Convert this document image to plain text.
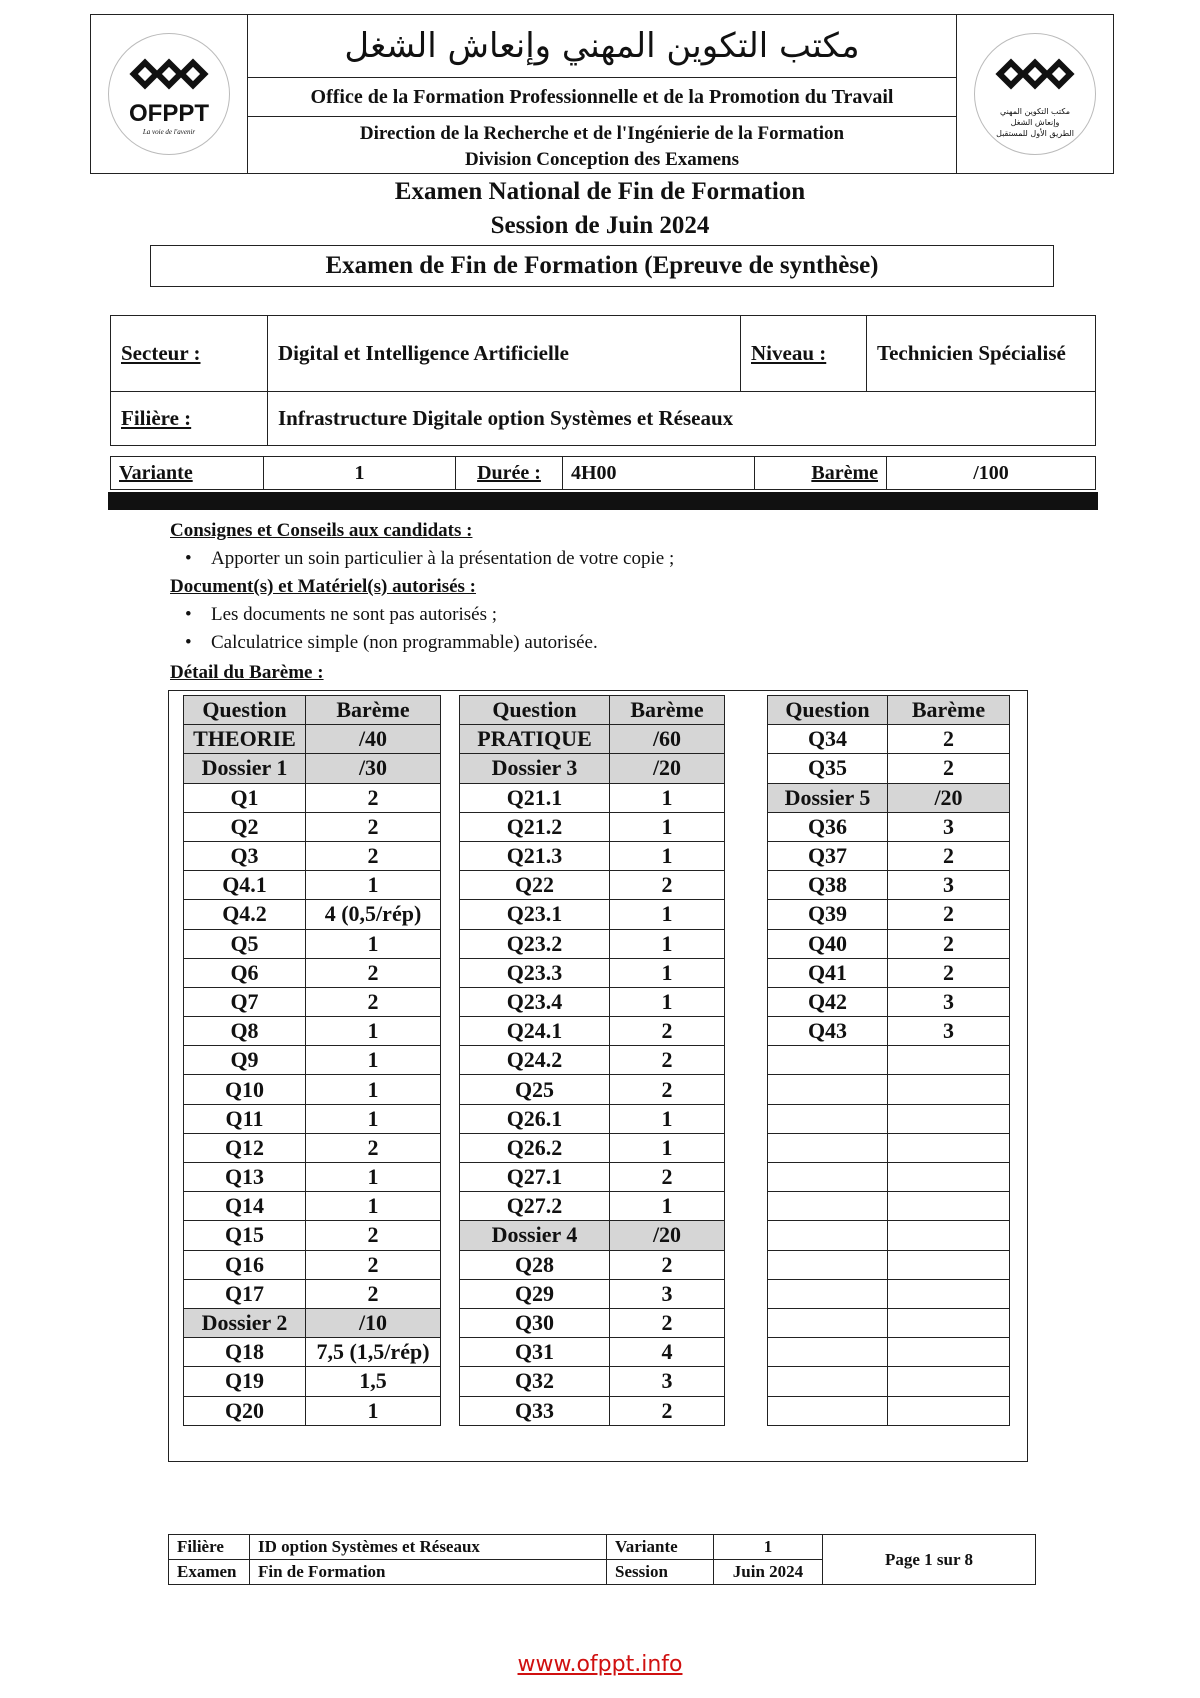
OFPPT
La voie de l'avenir
مكتب التكوين المهني وإنعاش الشغل
Office de la Formation Professionnelle et de la Promotion du Travail
Direction de la Recherche et de l'Ingénierie de la Formation
Division Conception des Examens
مكتب التكوين المهني
وإنعاش الشغل
الطريق الأول للمستقبل
Examen National de Fin de Formation
Session de Juin 2024
Examen de Fin de Formation (Epreuve de synthèse)
Secteur :	Digital et Intelligence Artificielle	Niveau :	Technicien Spécialisé
Filière :	Infrastructure Digitale option Systèmes et Réseaux		
Variante	1	Durée :	4H00	Barème	/100
Consignes et Conseils aux candidats :
• Apporter un soin particulier à la présentation de votre copie ;
Document(s) et Matériel(s) autorisés :
• Les documents ne sont pas autorisés ;
• Calculatrice simple (non programmable) autorisée.
Détail du Barème :
Question	Barème
THEORIE	/40
Dossier 1	/30
Q1	2
Q2	2
Q3	2
Q4.1	1
Q4.2	4 (0,5/rép)
Q5	1
Q6	2
Q7	2
Q8	1
Q9	1
Q10	1
Q11	1
Q12	2
Q13	1
Q14	1
Q15	2
Q16	2
Q17	2
Dossier 2	/10
Q18	7,5 (1,5/rép)
Q19	1,5
Q20	1
Question	Barème
PRATIQUE	/60
Dossier 3	/20
Q21.1	1
Q21.2	1
Q21.3	1
Q22	2
Q23.1	1
Q23.2	1
Q23.3	1
Q23.4	1
Q24.1	2
Q24.2	2
Q25	2
Q26.1	1
Q26.2	1
Q27.1	2
Q27.2	1
Dossier 4	/20
Q28	2
Q29	3
Q30	2
Q31	4
Q32	3
Q33	2
Question	Barème
Q34	2
Q35	2
Dossier 5	/20
Q36	3
Q37	2
Q38	3
Q39	2
Q40	2
Q41	2
Q42	3
Q43	3

Filière	ID option Systèmes et Réseaux	Variante	1	Page 1 sur 8
Examen	Fin de Formation	Session	Juin 2024	
www.ofppt.info
